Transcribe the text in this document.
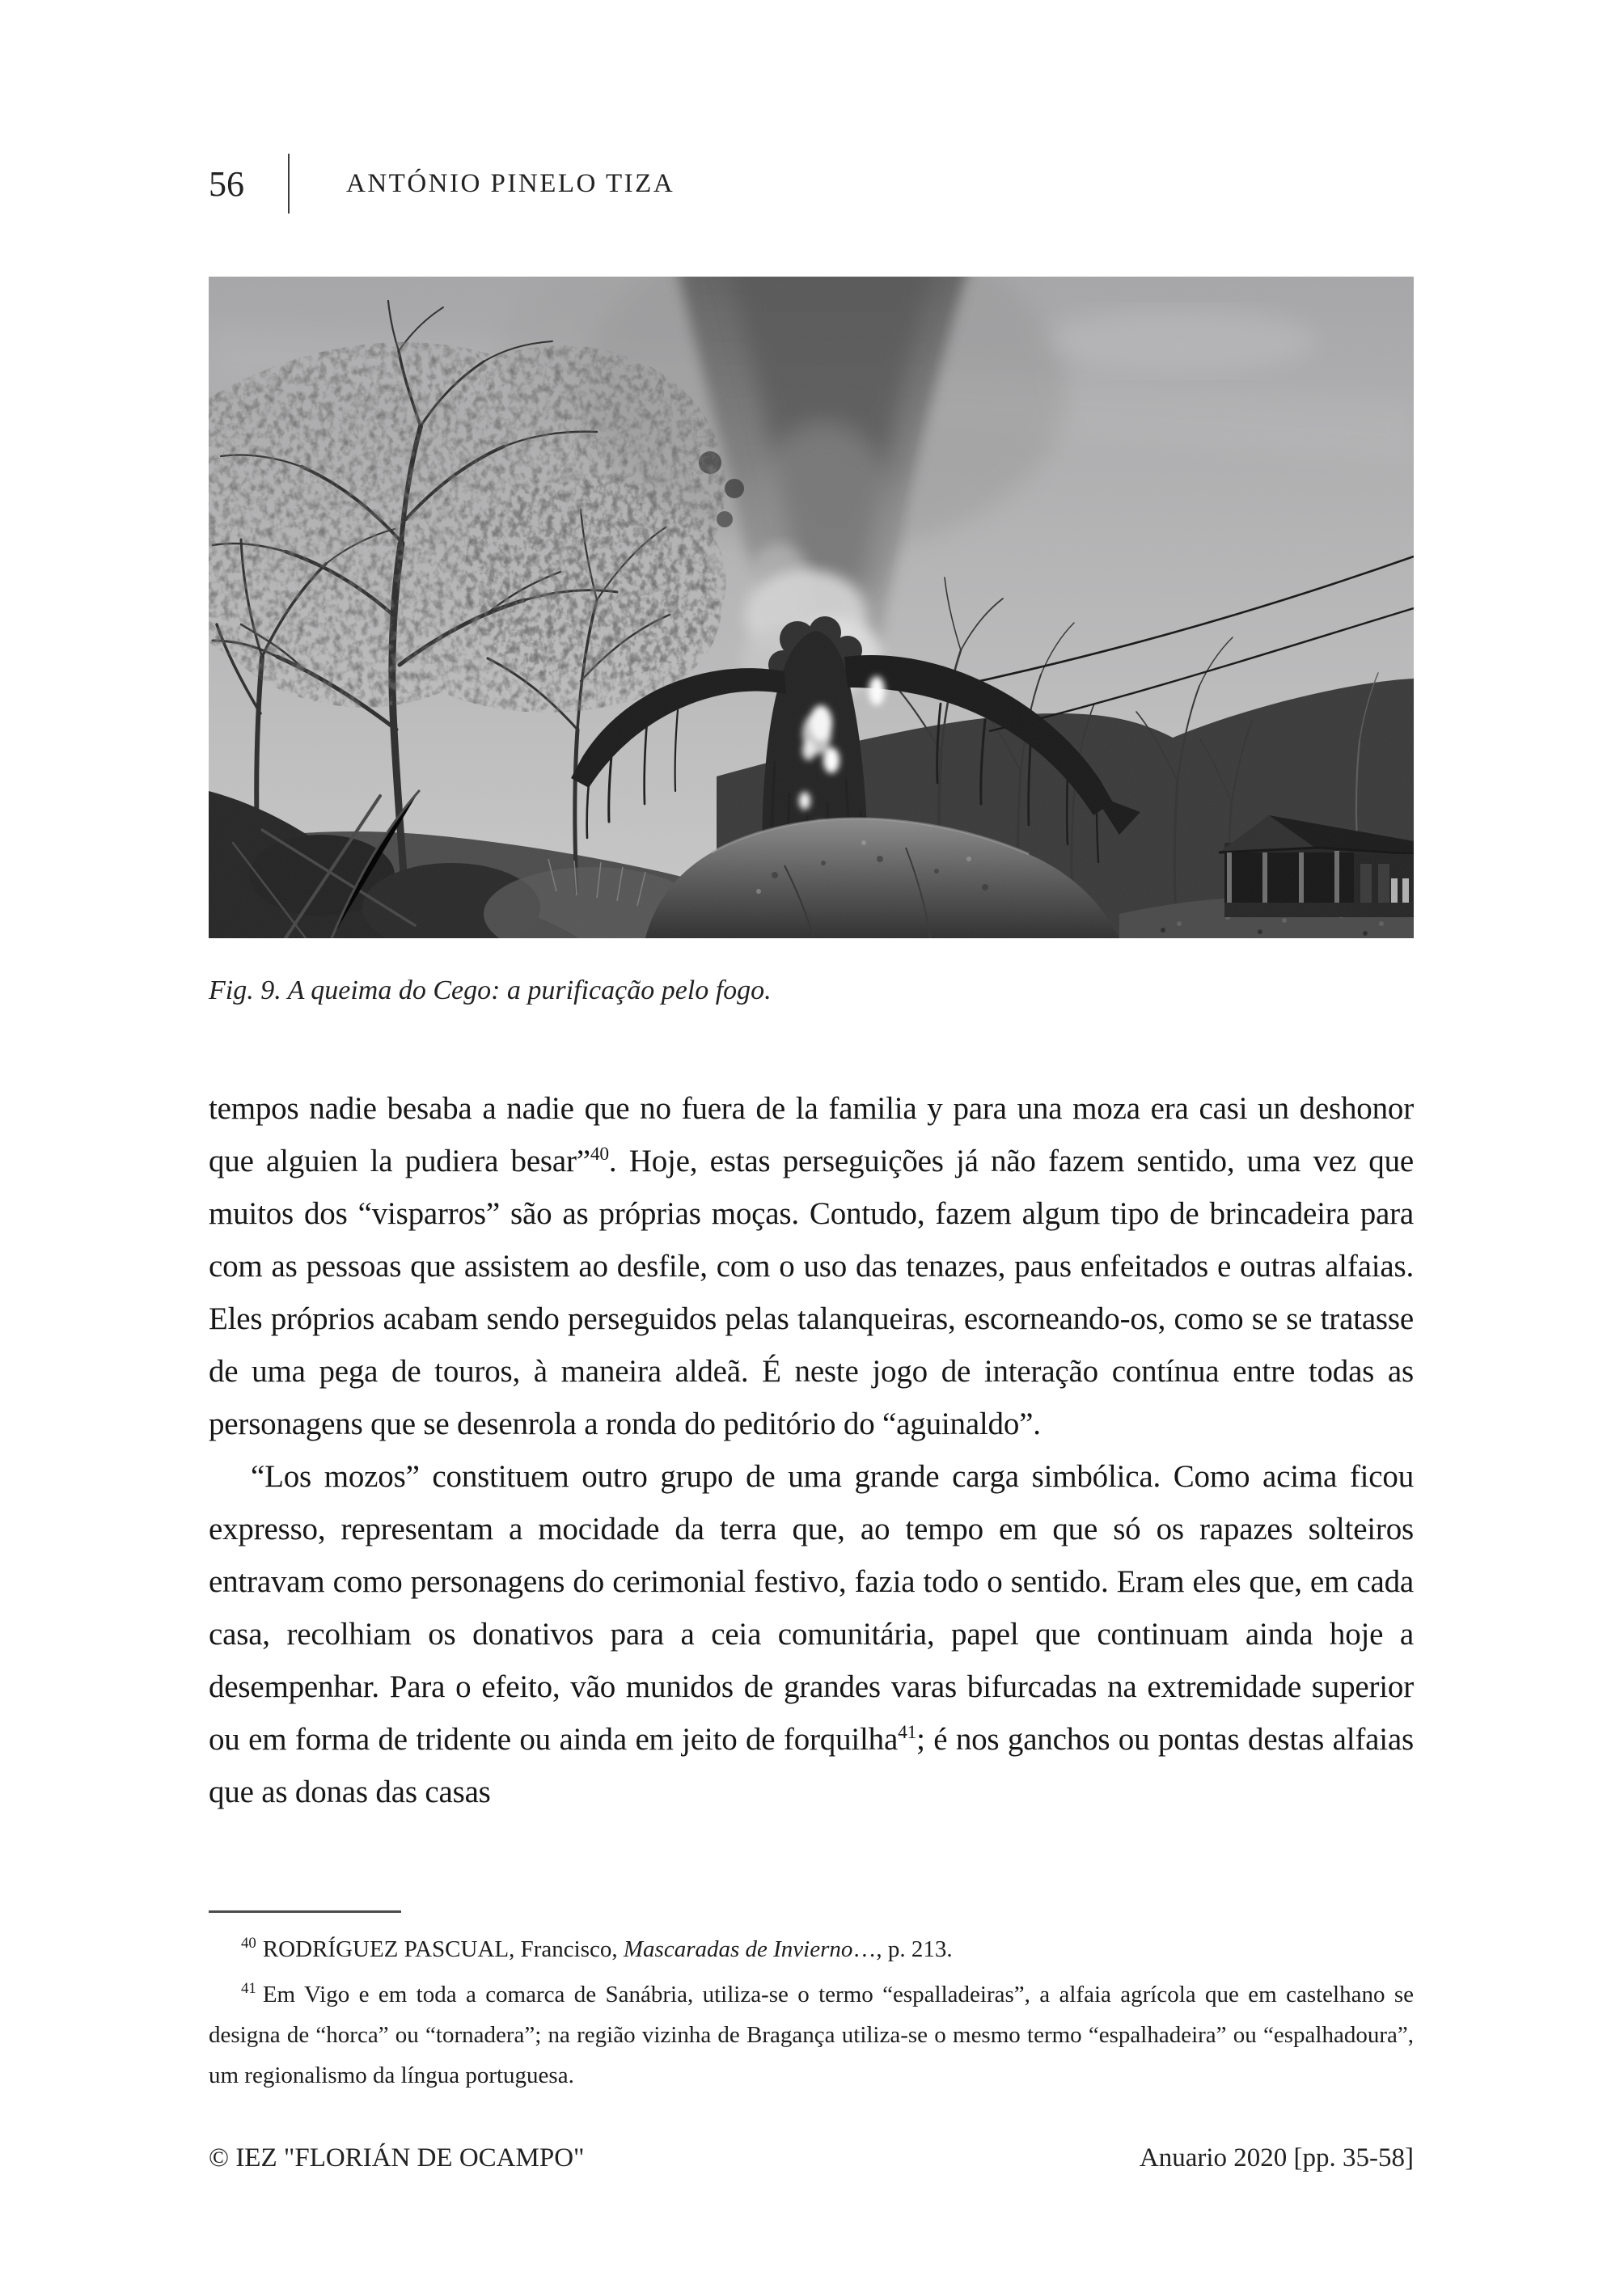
56	ANTÓNIO PINELO TIZA
Fig. 9. A queima do Cego: a purificação pelo fogo.

tempos nadie besaba a nadie que no fuera de la familia y para una moza era casi un deshonor que alguien la pudiera besar”$^{40}$. Hoje, estas perseguições já não fazem sentido, uma vez que muitos dos “visparros” são as próprias moças. Contudo, fazem algum tipo de brincadeira para com as pessoas que assistem ao desfile, com o uso das tenazes, paus enfeitados e outras alfaias. Eles próprios acabam sendo perseguidos pelas talanqueiras, escorneando-os, como se se tratasse de uma pega de touros, à maneira aldeã. É neste jogo de interação contínua entre todas as personagens que se desenrola a ronda do peditório do “aguinaldo”.

“Los mozos” constituem outro grupo de uma grande carga simbólica. Como acima ficou expresso, representam a mocidade da terra que, ao tempo em que só os rapazes solteiros entravam como personagens do cerimonial festivo, fazia todo o sentido. Eram eles que, em cada casa, recolhiam os donativos para a ceia comunitária, papel que continuam ainda hoje a desempenhar. Para o efeito, vão munidos de grandes varas bifurcadas na extremidade superior ou em forma de tridente ou ainda em jeito de forquilha$^{41}$; é nos ganchos ou pontas destas alfaias que as donas das casas

$^{40}$ RODRÍGUEZ PASCUAL, Francisco, Mascaradas de Invierno…, p. 213.

$^{41}$ Em Vigo e em toda a comarca de Sanábria, utiliza-se o termo “espalladeiras”, a alfaia agrícola que em castelhano se designa de “horca” ou “tornadera”; na região vizinha de Bragança utiliza-se o mesmo termo “espalhadeira” ou “espalhadoura”, um regionalismo da língua portuguesa.

© IEZ "FLORIÁN DE OCAMPO"	Anuario 2020 [pp. 35-58]
